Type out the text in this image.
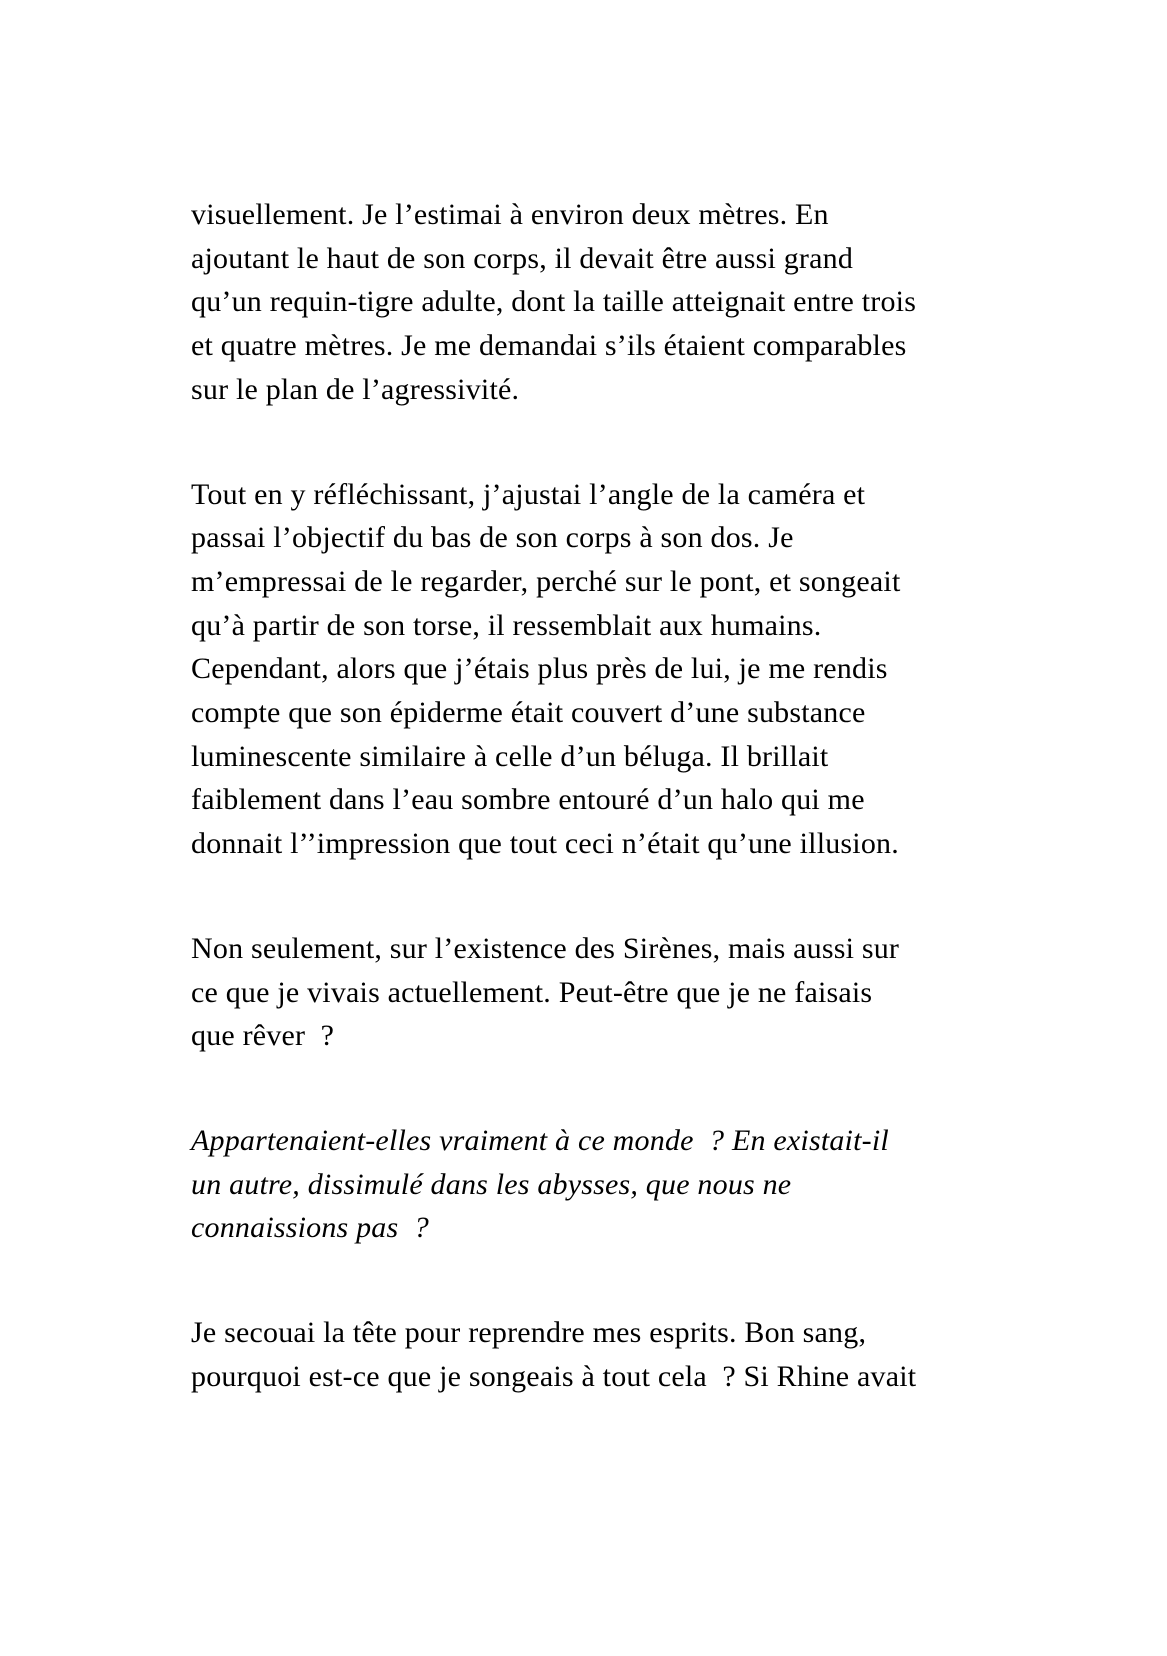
visuellement. Je l’estimai à environ deux mètres. En
ajoutant le haut de son corps, il devait être aussi grand
qu’un requin-tigre adulte, dont la taille atteignait entre trois
et quatre mètres. Je me demandai s’ils étaient comparables
sur le plan de l’agressivité.
Tout en y réfléchissant, j’ajustai l’angle de la caméra et
passai l’objectif du bas de son corps à son dos. Je
m’empressai de le regarder, perché sur le pont, et songeait
qu’à partir de son torse, il ressemblait aux humains.
Cependant, alors que j’étais plus près de lui, je me rendis
compte que son épiderme était couvert d’une substance
luminescente similaire à celle d’un béluga. Il brillait
faiblement dans l’eau sombre entouré d’un halo qui me
donnait l’’impression que tout ceci n’était qu’une illusion.
Non seulement, sur l’existence des Sirènes, mais aussi sur
ce que je vivais actuellement. Peut-être que je ne faisais
que rêver  ?
Appartenaient-elles vraiment à ce monde  ? En existait-il
un autre, dissimulé dans les abysses, que nous ne
connaissions pas  ?
Je secouai la tête pour reprendre mes esprits. Bon sang,
pourquoi est-ce que je songeais à tout cela  ? Si Rhine avait
